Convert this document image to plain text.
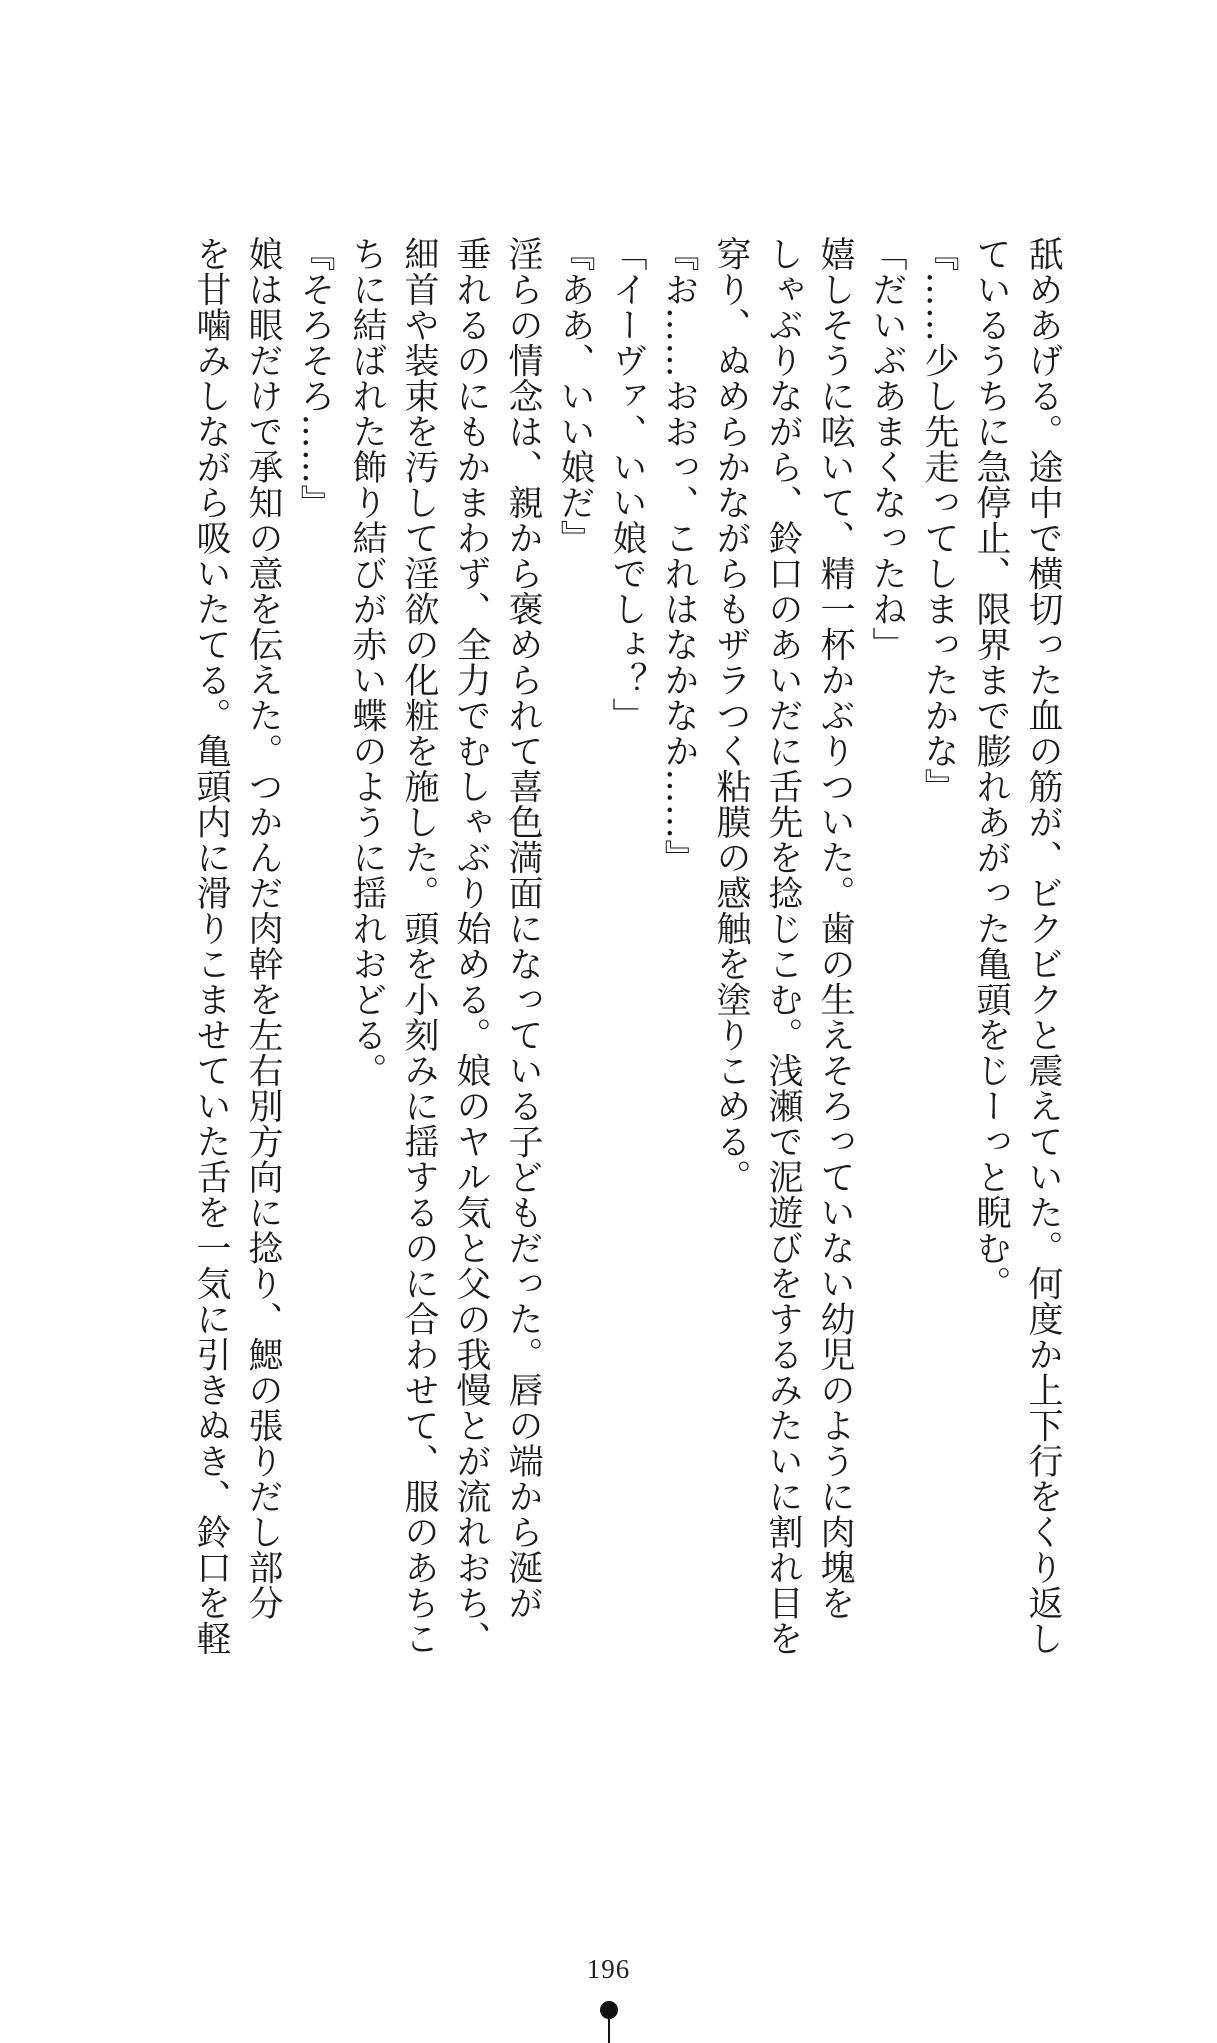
舐めあげる。途中で横切った血の筋が、ビクビクと震えていた。何度か上下行をくり返し
ているうちに急停止、限界まで膨れあがった亀頭をじーっと睨む。
『……少し先走ってしまったかな』
「だいぶあまくなったね」
嬉しそうに呟いて、精一杯かぶりついた。歯の生えそろっていない幼児のように肉塊を
しゃぶりながら、鈴口のあいだに舌先を捻じこむ。浅瀬で泥遊びをするみたいに割れ目を
穿り、ぬめらかながらもザラつく粘膜の感触を塗りこめる。
『お……おおっ、これはなかなか……』
「イーヴァ、いい娘でしょ？」
『ああ、いい娘だ』
淫らの情念は、親から褒められて喜色満面になっている子どもだった。唇の端から涎が
垂れるのにもかまわず、全力でむしゃぶり始める。娘のヤル気と父の我慢とが流れおち、
細首や装束を汚して淫欲の化粧を施した。頭を小刻みに揺するのに合わせて、服のあちこ
ちに結ばれた飾り結びが赤い蝶のように揺れおどる。
『そろそろ……』
娘は眼だけで承知の意を伝えた。つかんだ肉幹を左右別方向に捻り、鰓の張りだし部分
を甘噛みしながら吸いたてる。亀頭内に滑りこませていた舌を一気に引きぬき、鈴口を軽
196
